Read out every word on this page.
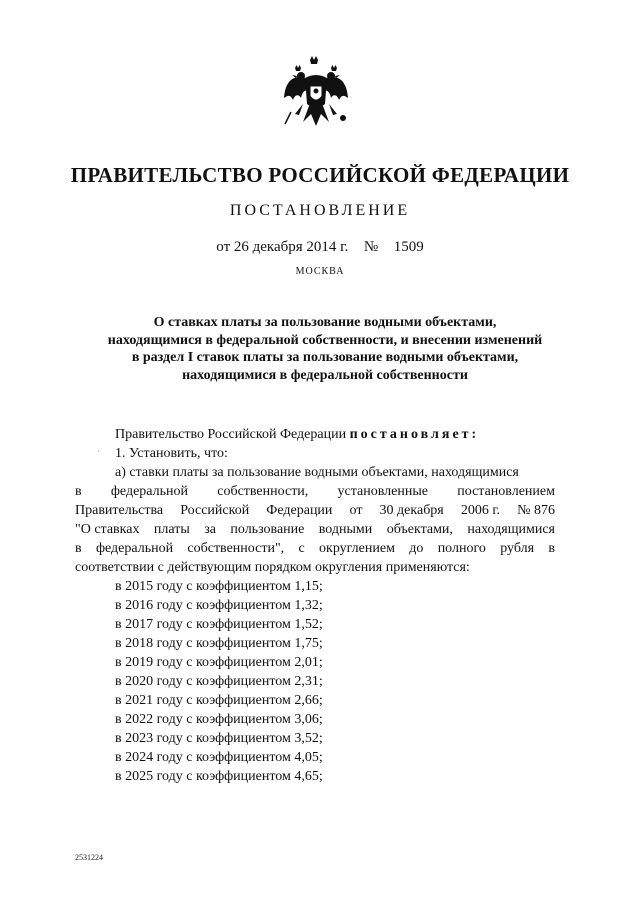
ПРАВИТЕЛЬСТВО РОССИЙСКОЙ ФЕДЕРАЦИИ
ПОСТАНОВЛЕНИЕ
от 26 декабря 2014 г. № 1509
МОСКВА
О ставках платы за пользование водными объектами,
находящимися в федеральной собственности, и внесении изменений
в раздел I ставок платы за пользование водными объектами,
находящимися в федеральной собственности
·
Правительство Российской Федерации постановляет:
1. Установить, что:
а) ставки платы за пользование водными объектами, находящимися
в федеральной собственности, установленные постановлением
Правительства Российской Федерации от 30 декабря 2006 г. № 876
"О ставках платы за пользование водными объектами, находящимися
в федеральной собственности", с округлением до полного рубля в
соответствии с действующим порядком округления применяются:
в 2015 году с коэффициентом 1,15;
в 2016 году с коэффициентом 1,32;
в 2017 году с коэффициентом 1,52;
в 2018 году с коэффициентом 1,75;
в 2019 году с коэффициентом 2,01;
в 2020 году с коэффициентом 2,31;
в 2021 году с коэффициентом 2,66;
в 2022 году с коэффициентом 3,06;
в 2023 году с коэффициентом 3,52;
в 2024 году с коэффициентом 4,05;
в 2025 году с коэффициентом 4,65;
2531224
